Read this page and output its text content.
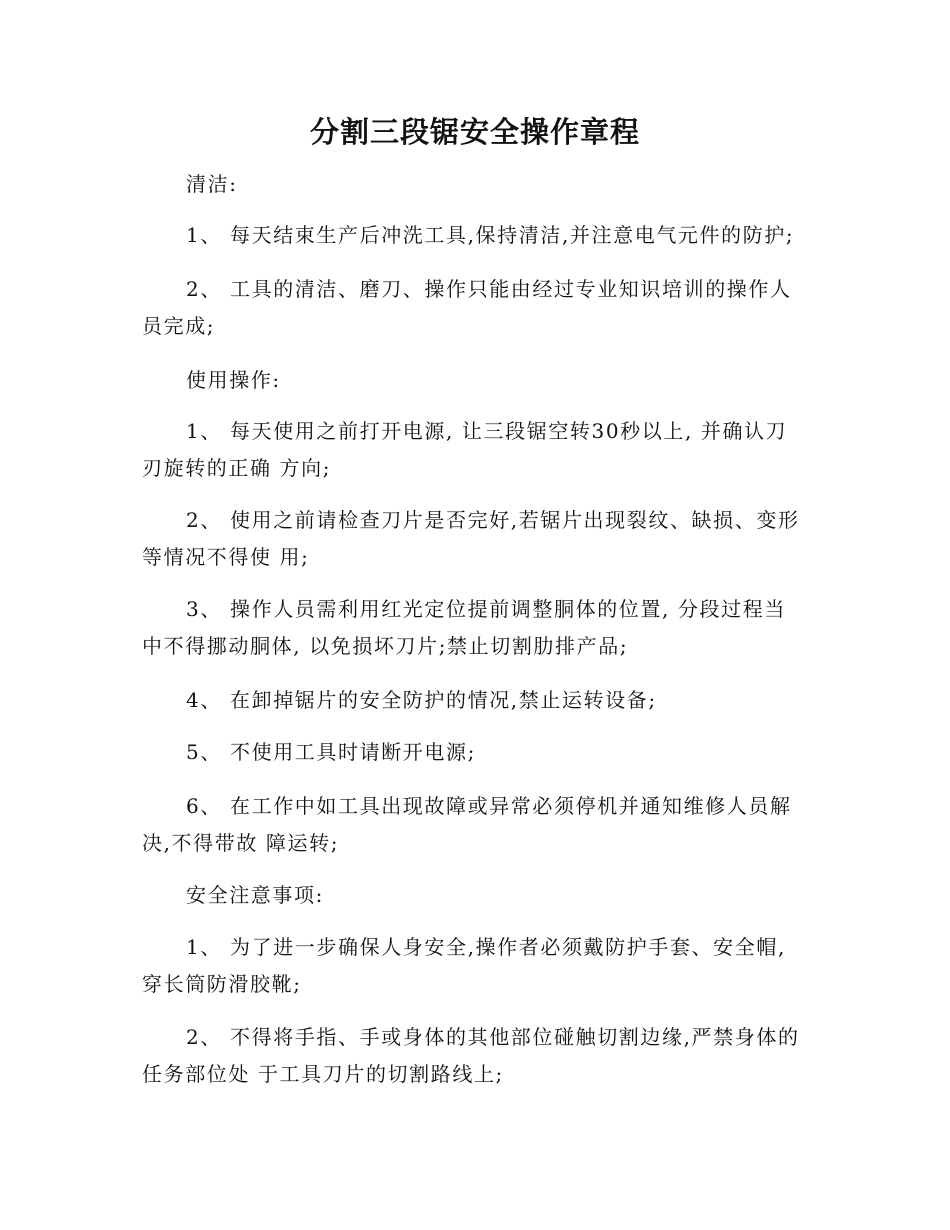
分割三段锯安全操作章程
清洁:
1、 每天结束生产后冲洗工具,保持清洁,并注意电气元件的防护;
2、 工具的清洁、磨刀、操作只能由经过专业知识培训的操作人
员完成;
使用操作:
1、 每天使用之前打开电源, 让三段锯空转30秒以上, 并确认刀
刃旋转的正确 方向;
2、 使用之前请检查刀片是否完好,若锯片出现裂纹、缺损、变形
等情况不得使 用;
3、 操作人员需利用红光定位提前调整胴体的位置, 分段过程当
中不得挪动胴体, 以免损坏刀片;禁止切割肋排产品;
4、 在卸掉锯片的安全防护的情况,禁止运转设备;
5、 不使用工具时请断开电源;
6、 在工作中如工具出现故障或异常必须停机并通知维修人员解
决,不得带故 障运转;
安全注意事项:
1、 为了进一步确保人身安全,操作者必须戴防护手套、安全帽,
穿长筒防滑胶靴;
2、 不得将手指、手或身体的其他部位碰触切割边缘,严禁身体的
任务部位处 于工具刀片的切割路线上;
